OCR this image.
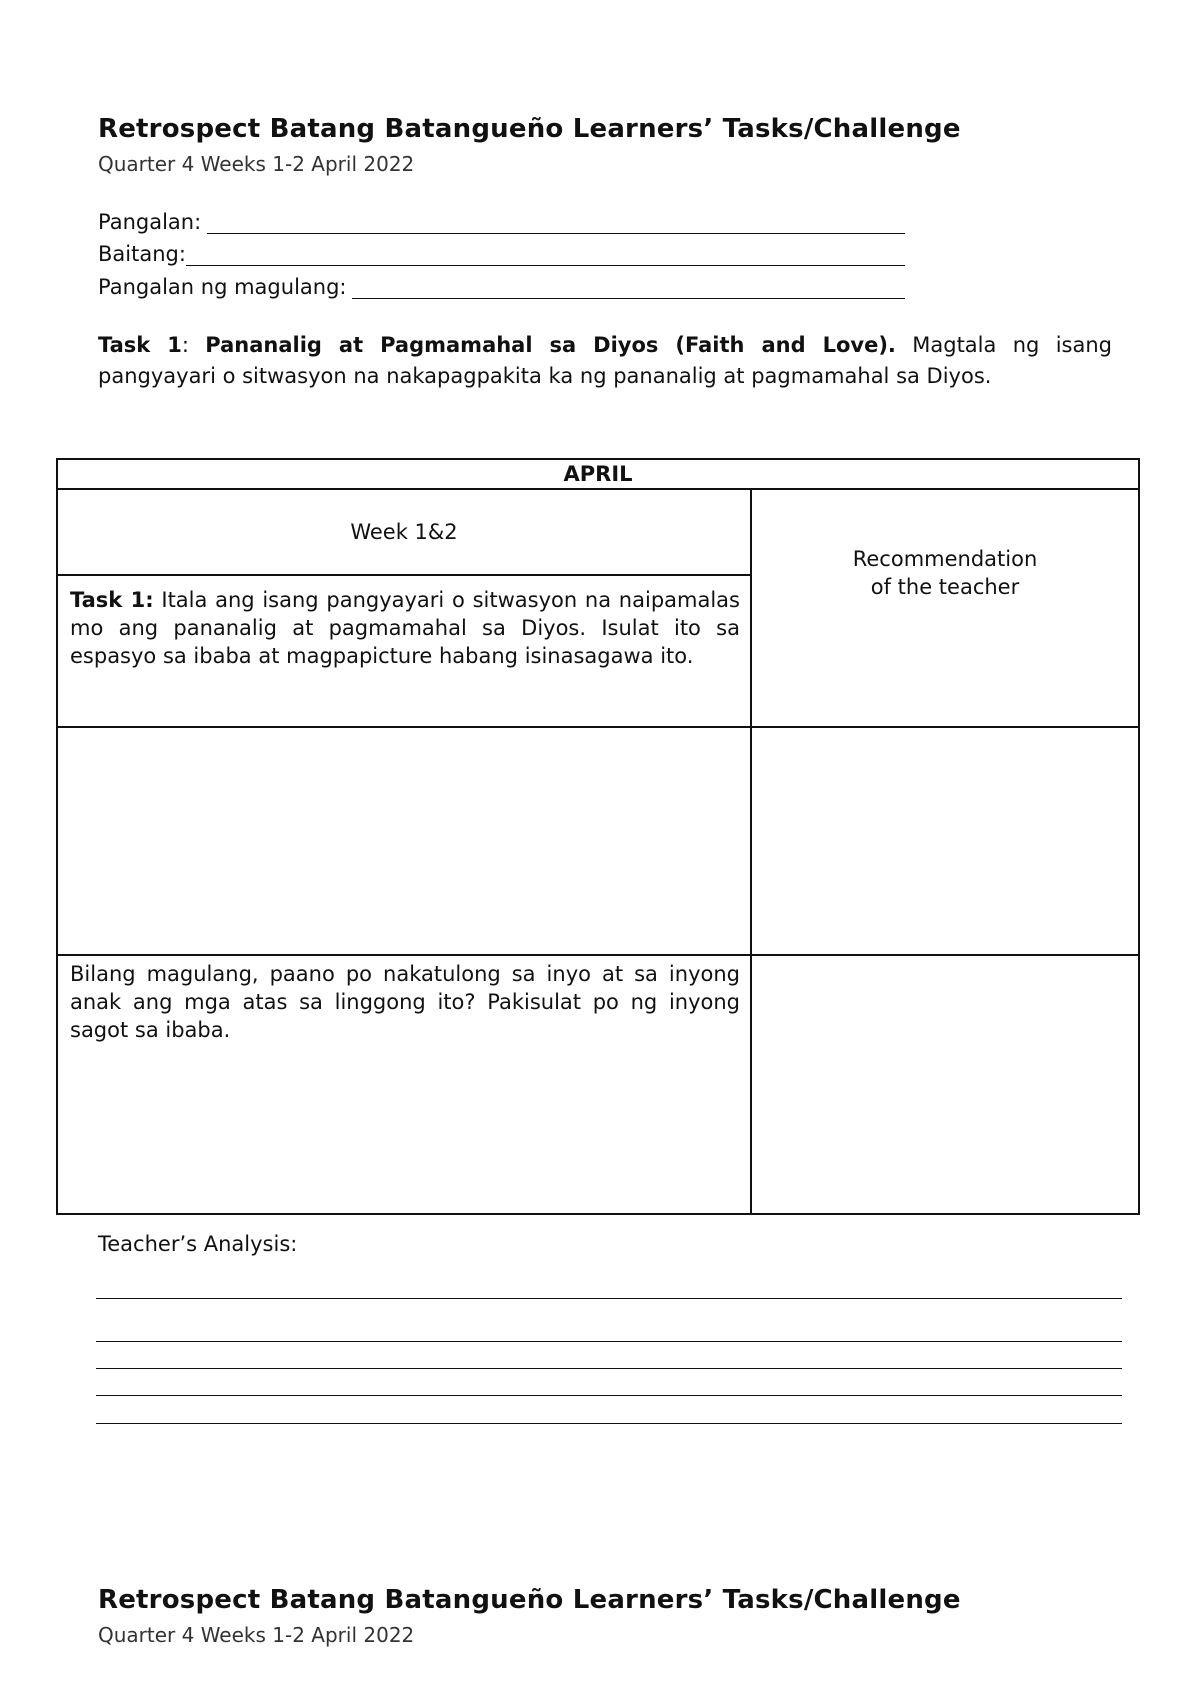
Retrospect Batang Batangueño Learners’ Tasks/Challenge
Quarter 4 Weeks 1-2 April 2022
Pangalan:
Baitang:
Pangalan ng magulang:
Task 1: Pananalig at Pagmamahal sa Diyos (Faith and Love). Magtala ng isang pangyayari o sitwasyon na nakapagpakita ka ng pananalig at pagmamahal sa Diyos.
APRIL	
Week 1&2	Recommendation
of the teacher

Task 1: Itala ang isang pangyayari o sitwasyon na naipamalas mo ang pananalig at pagmamahal sa Diyos. Isulat ito sa espasyo sa ibaba at magpapicture habang isinasagawa ito.	

Bilang magulang, paano po nakatulong sa inyo at sa inyong anak ang mga atas sa linggong ito? Pakisulat po ng inyong sagot sa ibaba.	
Teacher’s Analysis:
Retrospect Batang Batangueño Learners’ Tasks/Challenge
Quarter 4 Weeks 1-2 April 2022
